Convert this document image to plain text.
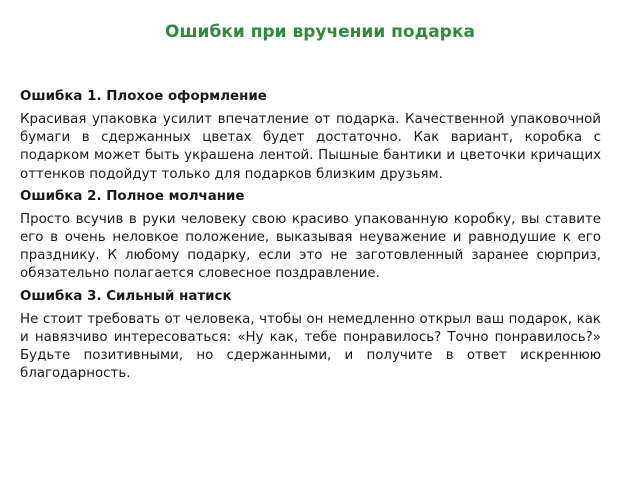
Ошибки при вручении подарка
Ошибка 1. Плохое оформление

Красивая упаковка усилит впечатление от подарка. Качественной упаковочной бумаги в сдержанных цветах будет достаточно. Как вариант, коробка с подарком может быть украшена лентой. Пышные бантики и цветочки кричащих оттенков подойдут только для подарков близким друзьям.

Ошибка 2. Полное молчание

Просто всучив в руки человеку свою красиво упакованную коробку, вы ставите его в очень неловкое положение, выказывая неуважение и равнодушие к его празднику. К любому подарку, если это не заготовленный заранее сюрприз, обязательно полагается словесное поздравление.

Ошибка 3. Сильный натиск

Не стоит требовать от человека, чтобы он немедленно открыл ваш подарок, как и навязчиво интересоваться: «Ну как, тебе понравилось? Точно понравилось?» Будьте позитивными, но сдержанными, и получите в ответ искреннюю благодарность.
